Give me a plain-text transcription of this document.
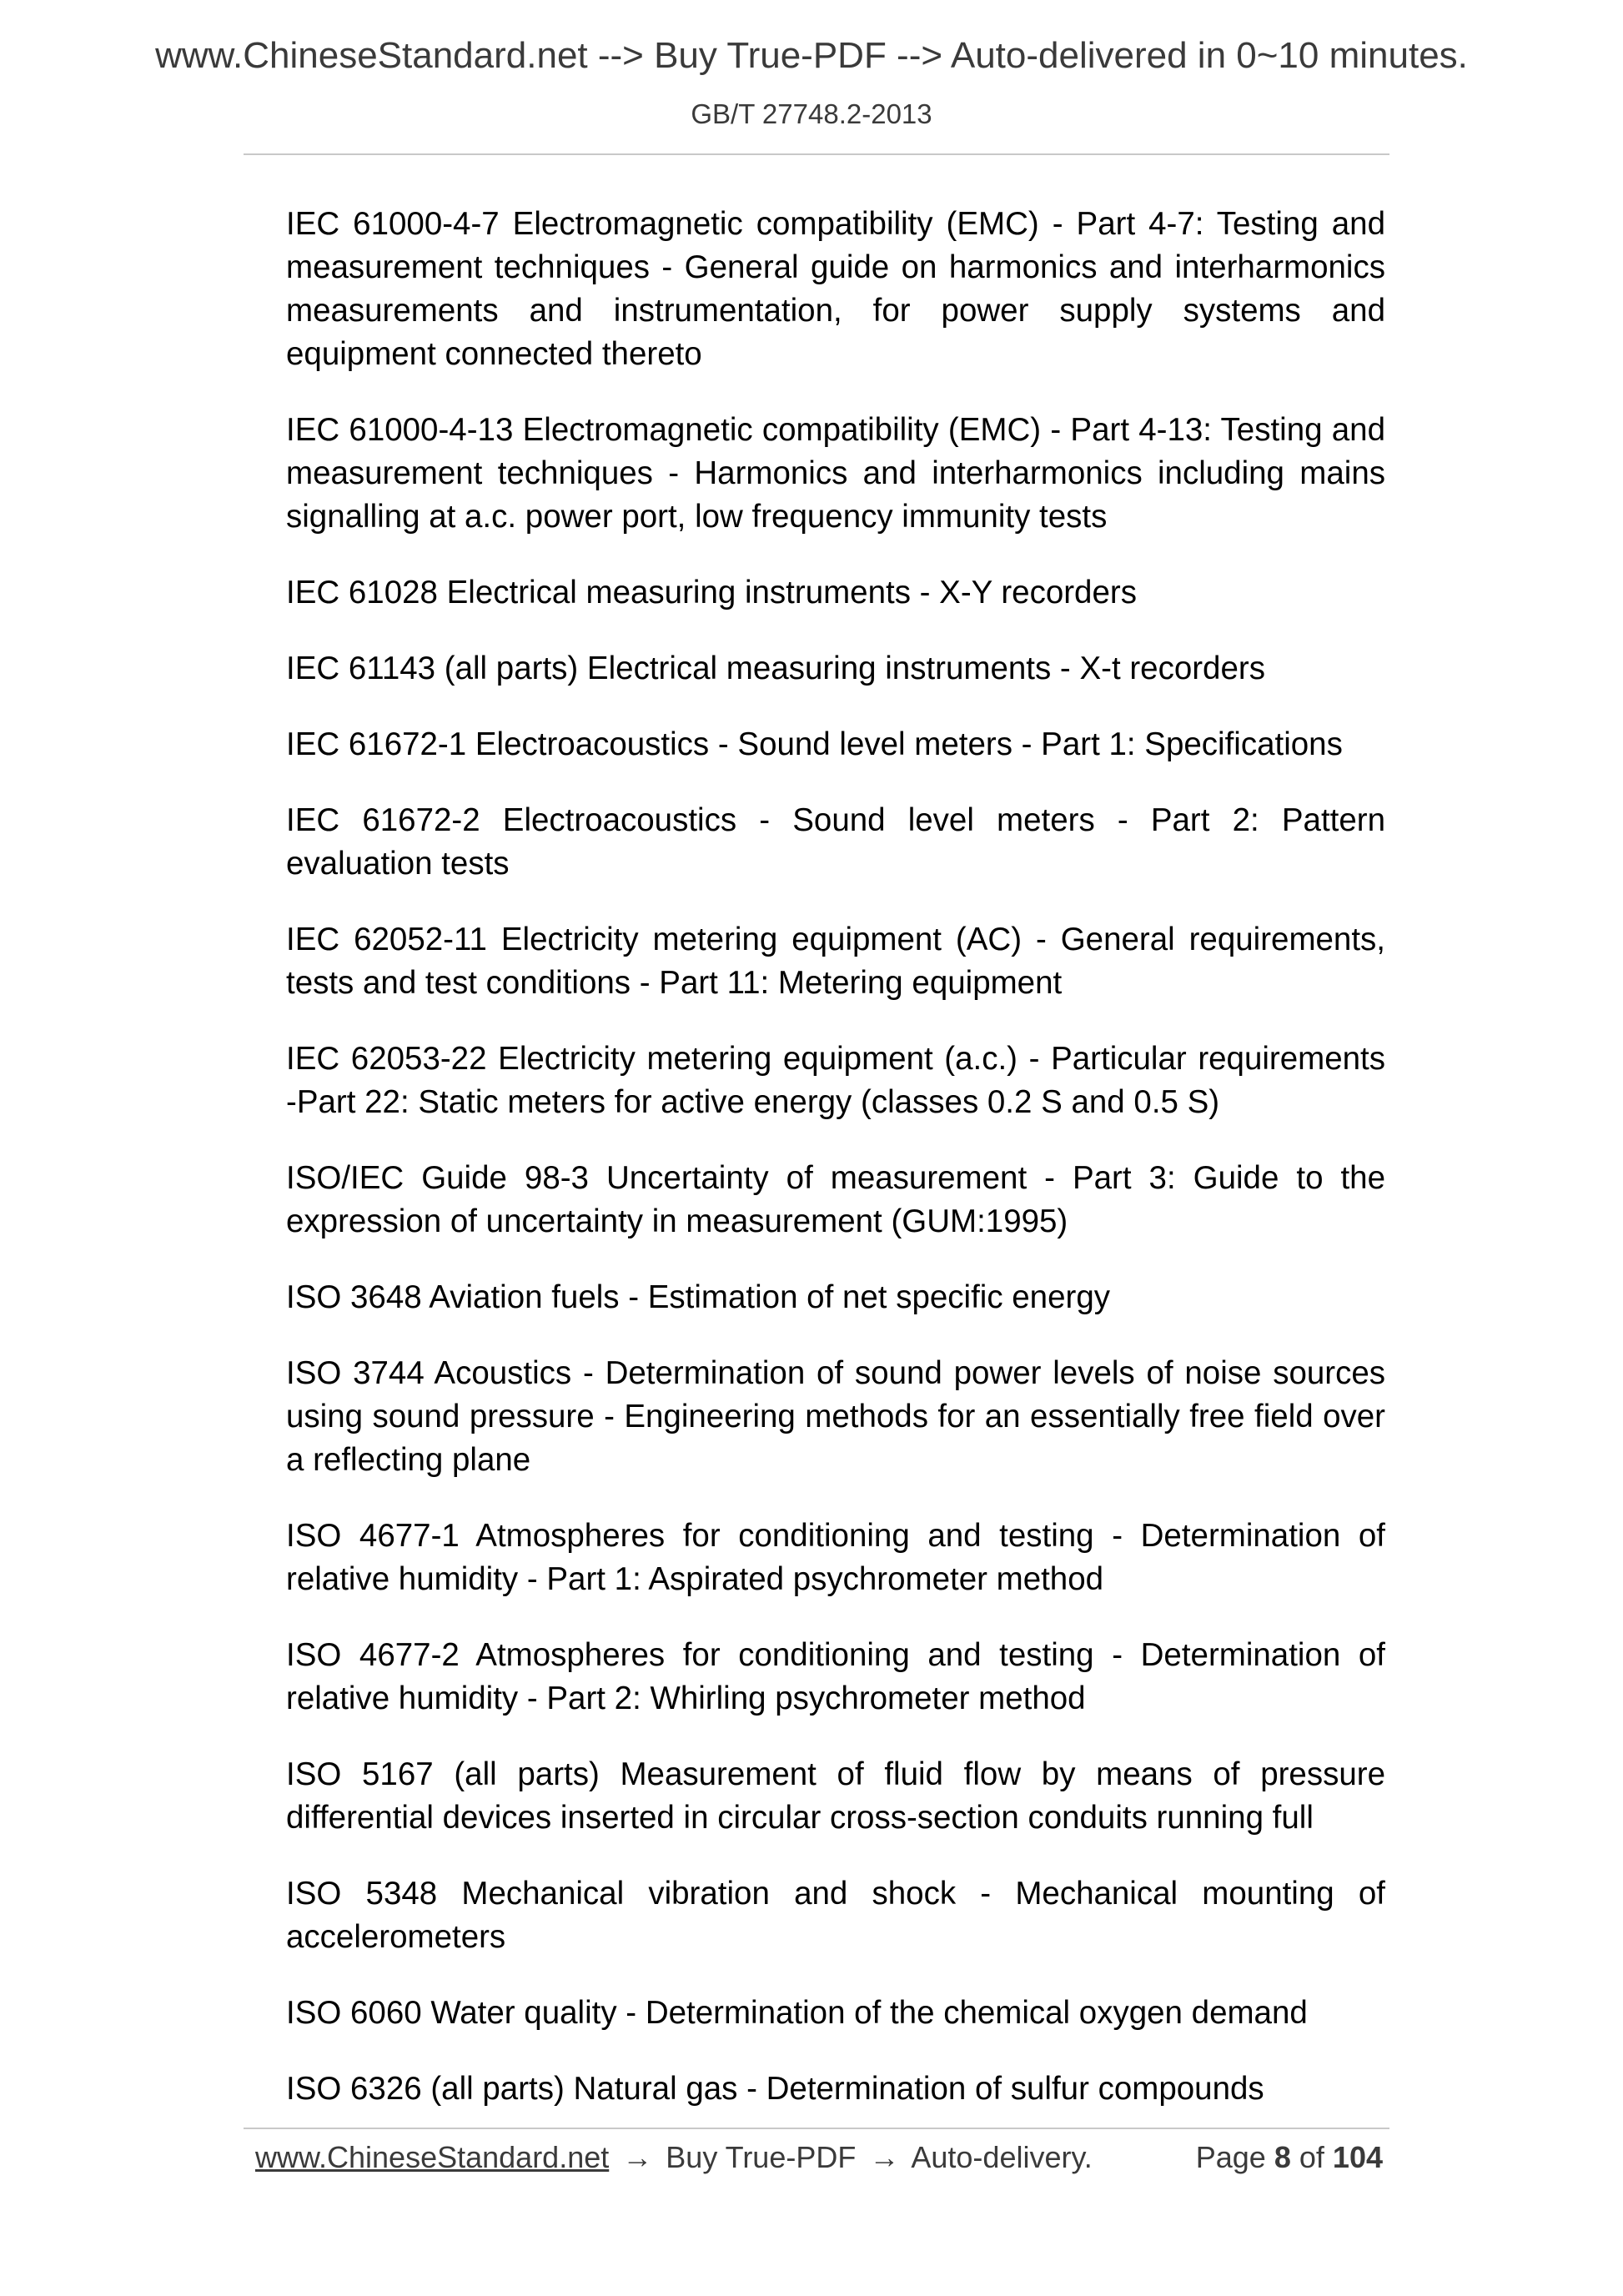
www.ChineseStandard.net --> Buy True-PDF --> Auto-delivered in 0~10 minutes.
GB/T 27748.2-2013

IEC 61000-4-7 Electromagnetic compatibility (EMC) - Part 4-7: Testing and measurement techniques - General guide on harmonics and interharmonics measurements and instrumentation, for power supply systems and equipment connected thereto

IEC 61000-4-13 Electromagnetic compatibility (EMC) - Part 4-13: Testing and measurement techniques - Harmonics and interharmonics including mains signalling at a.c. power port, low frequency immunity tests

IEC 61028 Electrical measuring instruments - X-Y recorders

IEC 61143 (all parts) Electrical measuring instruments - X-t recorders

IEC 61672-1 Electroacoustics - Sound level meters - Part 1: Specifications

IEC 61672-2 Electroacoustics - Sound level meters - Part 2: Pattern evaluation tests

IEC 62052-11 Electricity metering equipment (AC) - General requirements, tests and test conditions - Part 11: Metering equipment

IEC 62053-22 Electricity metering equipment (a.c.) - Particular requirements -Part 22: Static meters for active energy (classes 0.2 S and 0.5 S)

ISO/IEC Guide 98-3 Uncertainty of measurement - Part 3: Guide to the expression of uncertainty in measurement (GUM:1995)

ISO 3648 Aviation fuels - Estimation of net specific energy

ISO 3744 Acoustics - Determination of sound power levels of noise sources using sound pressure - Engineering methods for an essentially free field over a reflecting plane

ISO 4677-1 Atmospheres for conditioning and testing - Determination of relative humidity - Part 1: Aspirated psychrometer method

ISO 4677-2 Atmospheres for conditioning and testing - Determination of relative humidity - Part 2: Whirling psychrometer method

ISO 5167 (all parts) Measurement of fluid flow by means of pressure differential devices inserted in circular cross-section conduits running full

ISO 5348 Mechanical vibration and shock - Mechanical mounting of accelerometers

ISO 6060 Water quality - Determination of the chemical oxygen demand

ISO 6326 (all parts) Natural gas - Determination of sulfur compounds

www.ChineseStandard.net → Buy True-PDF → Auto-delivery.	Page 8 of 104
